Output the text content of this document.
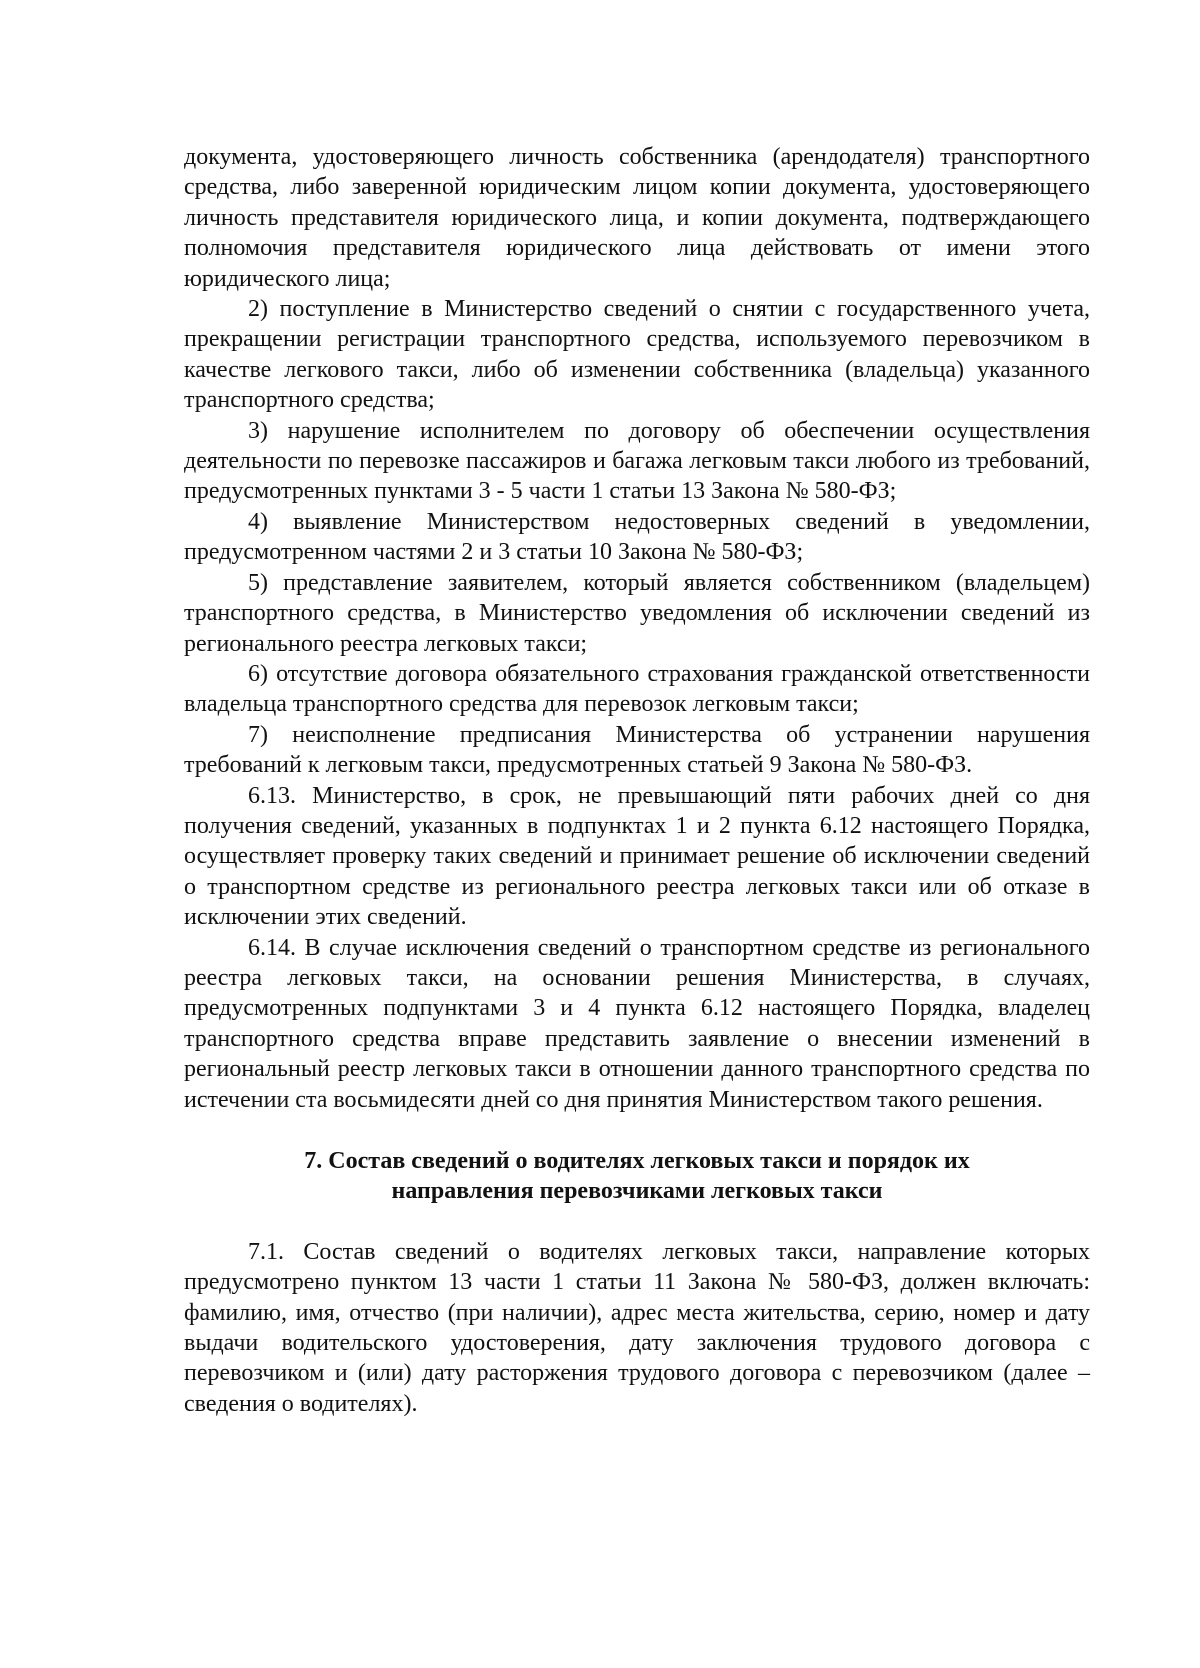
документа, удостоверяющего личность собственника (арендодателя) транспортного средства, либо заверенной юридическим лицом копии документа, удостоверяющего личность представителя юридического лица, и копии документа, подтверждающего полномочия представителя юридического лица действовать от имени этого юридического лица;

2) поступление в Министерство сведений о снятии с государственного учета, прекращении регистрации транспортного средства, используемого перевозчиком в качестве легкового такси, либо об изменении собственника (владельца) указанного транспортного средства;

3) нарушение исполнителем по договору об обеспечении осуществления деятельности по перевозке пассажиров и багажа легковым такси любого из требований, предусмотренных пунктами 3 - 5 части 1 статьи 13 Закона № 580-ФЗ;

4) выявление Министерством недостоверных сведений в уведомлении, предусмотренном частями 2 и 3 статьи 10 Закона № 580-ФЗ;

5) представление заявителем, который является собственником (владельцем) транспортного средства, в Министерство уведомления об исключении сведений из регионального реестра легковых такси;

6) отсутствие договора обязательного страхования гражданской ответственности владельца транспортного средства для перевозок легковым такси;

7) неисполнение предписания Министерства об устранении нарушения требований к легковым такси, предусмотренных статьей 9 Закона № 580-ФЗ.

6.13. Министерство, в срок, не превышающий пяти рабочих дней со дня получения сведений, указанных в подпунктах 1 и 2 пункта 6.12 настоящего Порядка, осуществляет проверку таких сведений и принимает решение об исключении сведений о транспортном средстве из регионального реестра легковых такси или об отказе в исключении этих сведений.

6.14. В случае исключения сведений о транспортном средстве из регионального реестра легковых такси, на основании решения Министерства, в случаях, предусмотренных подпунктами 3 и 4 пункта 6.12 настоящего Порядка, владелец транспортного средства вправе представить заявление о внесении изменений в региональный реестр легковых такси в отношении данного транспортного средства по истечении ста восьмидесяти дней со дня принятия Министерством такого решения.

7. Состав сведений о водителях легковых такси и порядок их

направления перевозчиками легковых такси

7.1. Состав сведений о водителях легковых такси, направление которых предусмотрено пунктом 13 части 1 статьи 11 Закона № 580-ФЗ, должен включать: фамилию, имя, отчество (при наличии), адрес места жительства, серию, номер и дату выдачи водительского удостоверения, дату заключения трудового договора с перевозчиком и (или) дату расторжения трудового договора с перевозчиком (далее – сведения о водителях).
